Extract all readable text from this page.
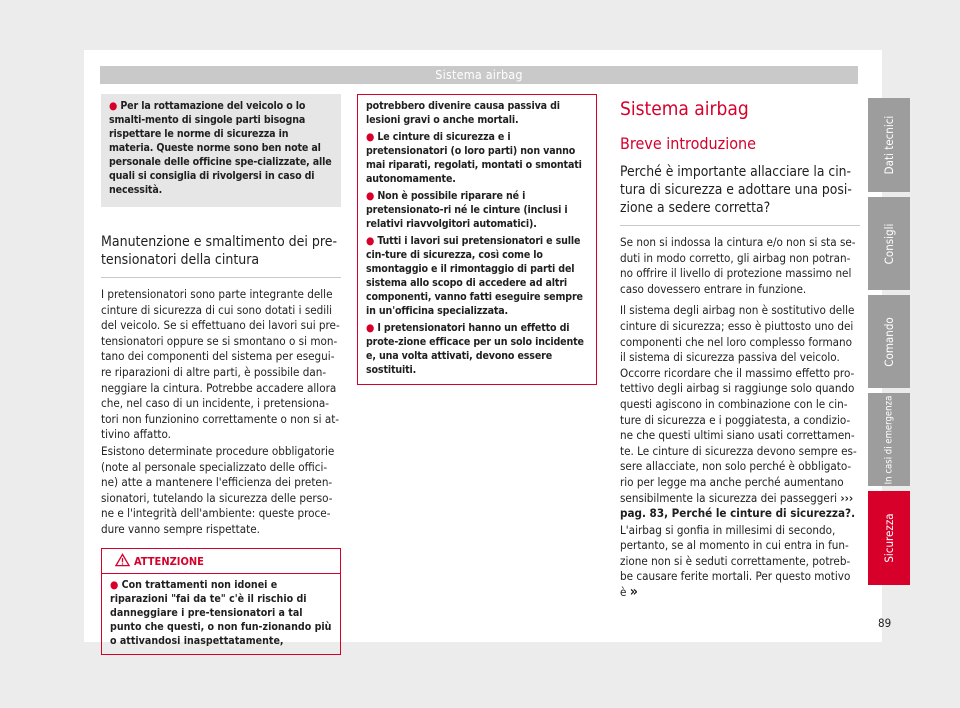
Sistema airbag
● Per la rottamazione del veicolo o lo smalti-mento di singole parti bisogna rispettare le norme di sicurezza in materia. Queste norme sono ben note al personale delle officine spe-cializzate, alle quali si consiglia di rivolgersi in caso di necessità.
Manutenzione e smaltimento dei pre-tensionatori della cintura
I pretensionatori sono parte integrante delle cinture di sicurezza di cui sono dotati i sedili del veicolo. Se si effettuano dei lavori sui pre-tensionatori oppure se si smontano o si mon-tano dei componenti del sistema per esegui-re riparazioni di altre parti, è possibile dan-neggiare la cintura. Potrebbe accadere allora che, nel caso di un incidente, i pretensiona-tori non funzionino correttamente o non si at-tivino affatto.
Esistono determinate procedure obbligatorie (note al personale specializzato delle offici-ne) atte a mantenere l'efficienza dei preten-sionatori, tutelando la sicurezza delle perso-ne e l'integrità dell'ambiente: queste proce-dure vanno sempre rispettate.
ATTENZIONE
● Con trattamenti non idonei e riparazioni "fai da te" c'è il rischio di danneggiare i pre-tensionatori a tal punto che questi, o non fun-zionando più o attivandosi inaspettatamente,
potrebbero divenire causa passiva di lesioni gravi o anche mortali.
● Le cinture di sicurezza e i pretensionatori (o loro parti) non vanno mai riparati, regolati, montati o smontati autonomamente.
● Non è possibile riparare né i pretensionato-ri né le cinture (inclusi i relativi riavvolgitori automatici).
● Tutti i lavori sui pretensionatori e sulle cin-ture di sicurezza, così come lo smontaggio e il rimontaggio di parti del sistema allo scopo di accedere ad altri componenti, vanno fatti eseguire sempre in un'officina specializzata.
● I pretensionatori hanno un effetto di prote-zione efficace per un solo incidente e, una volta attivati, devono essere sostituiti.
Sistema airbag
Breve introduzione
Perché è importante allacciare la cin-tura di sicurezza e adottare una posi-zione a sedere corretta?
Se non si indossa la cintura e/o non si sta se-duti in modo corretto, gli airbag non potran-no offrire il livello di protezione massimo nel caso dovessero entrare in funzione.
Il sistema degli airbag non è sostitutivo delle cinture di sicurezza; esso è piuttosto uno dei componenti che nel loro complesso formano il sistema di sicurezza passiva del veicolo. Occorre ricordare che il massimo effetto pro-tettivo degli airbag si raggiunge solo quando questi agiscono in combinazione con le cin-ture di sicurezza e i poggiatesta, a condizio-ne che questi ultimi siano usati correttamen-te. Le cinture di sicurezza devono sempre es-sere allacciate, non solo perché è obbligato-rio per legge ma anche perché aumentano sensibilmente la sicurezza dei passeggeri ››› pag. 83, Perché le cinture di sicurezza?.
L'airbag si gonfia in millesimi di secondo, pertanto, se al momento in cui entra in fun-zione non si è seduti correttamente, potreb-be causare ferite mortali. Per questo motivo è »
Dati tecnici
Consigli
Comando
In casi di emergenza
Sicurezza
89
